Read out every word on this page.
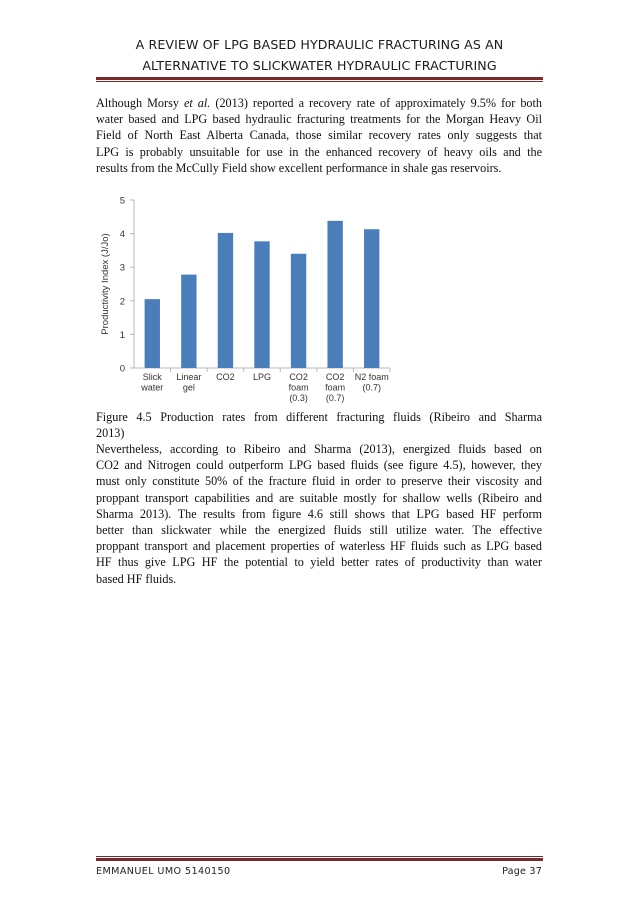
A REVIEW OF LPG BASED HYDRAULIC FRACTURING AS AN
ALTERNATIVE TO SLICKWATER HYDRAULIC FRACTURING
Although Morsy et al. (2013) reported a recovery rate of approximately 9.5% for both
water based and LPG based hydraulic fracturing treatments for the Morgan Heavy Oil
Field of North East Alberta Canada, those similar recovery rates only suggests that
LPG is probably unsuitable for use in the enhanced recovery of heavy oils and the
results from the McCully Field show excellent performance in shale gas reservoirs.
0
1
2
3
4
5
Productivity Index (J/Jo)
Slick
water
Linear
gel
CO2 LPG CO2
foam
(0.3)
CO2
foam
(0.7)
N2 foam
(0.7)
Figure 4.5 Production rates from different fracturing fluids (Ribeiro and Sharma
2013)
Nevertheless, according to Ribeiro and Sharma (2013), energized fluids based on
CO2 and Nitrogen could outperform LPG based fluids (see figure 4.5), however, they
must only constitute 50% of the fracture fluid in order to preserve their viscosity and
proppant transport capabilities and are suitable mostly for shallow wells (Ribeiro and
Sharma 2013). The results from figure 4.6 still shows that LPG based HF perform
better than slickwater while the energized fluids still utilize water. The effective
proppant transport and placement properties of waterless HF fluids such as LPG based
HF thus give LPG HF the potential to yield better rates of productivity than water
based HF fluids.
EMMANUEL UMO 5140150	Page 37
